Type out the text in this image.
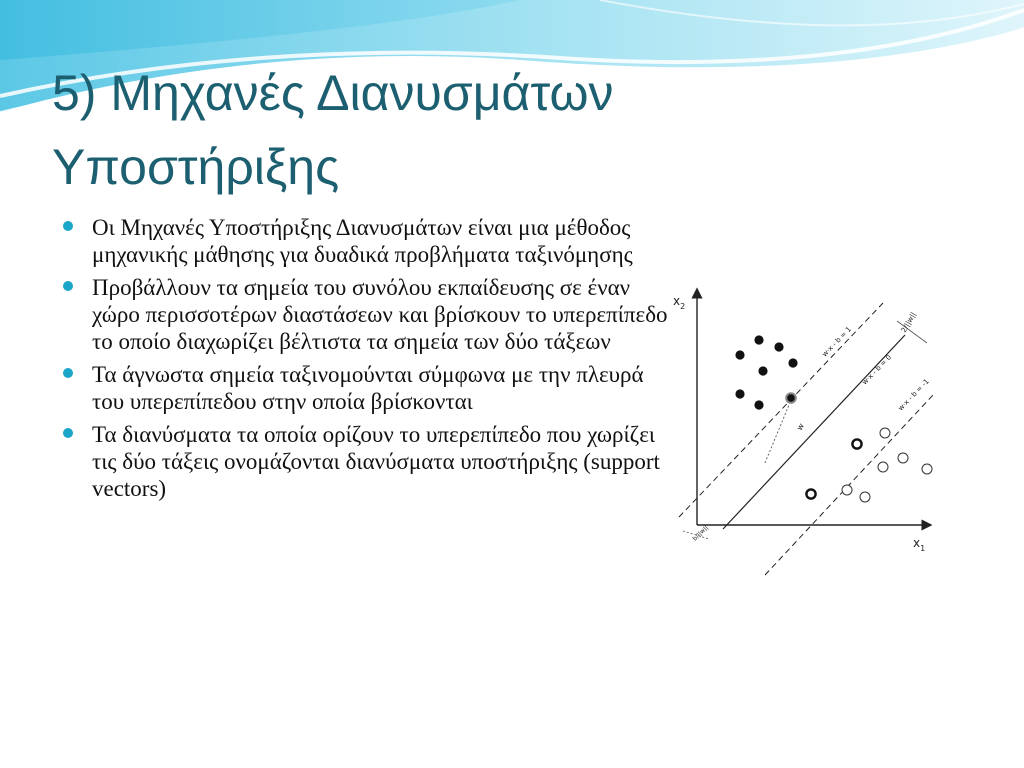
5) Μηχανές Διανυσμάτων
Υποστήριξης
Οι Μηχανές Υποστήριξης Διανυσμάτων είναι μια μέθοδος μηχανικής μάθησης για δυαδικά προβλήματα ταξινόμησης
Προβάλλουν τα σημεία του συνόλου εκπαίδευσης σε έναν χώρο περισσοτέρων διαστάσεων και βρίσκουν το υπερεπίπεδο το οποίο διαχωρίζει βέλτιστα τα σημεία των δύο τάξεων
Τα άγνωστα σημεία ταξινομούνται σύμφωνα με την πλευρά του υπερεπίπεδου στην οποία βρίσκονται
Τα διανύσματα τα οποία ορίζουν το υπερεπίπεδο που χωρίζει τις δύο τάξεις ονομάζονται διανύσματα υποστήριξης (support vectors)
$x_2$
$x_1$
w
b/||w||
2/||w||
w·x - b = 1
w·x - b = 0
w·x - b = -1
